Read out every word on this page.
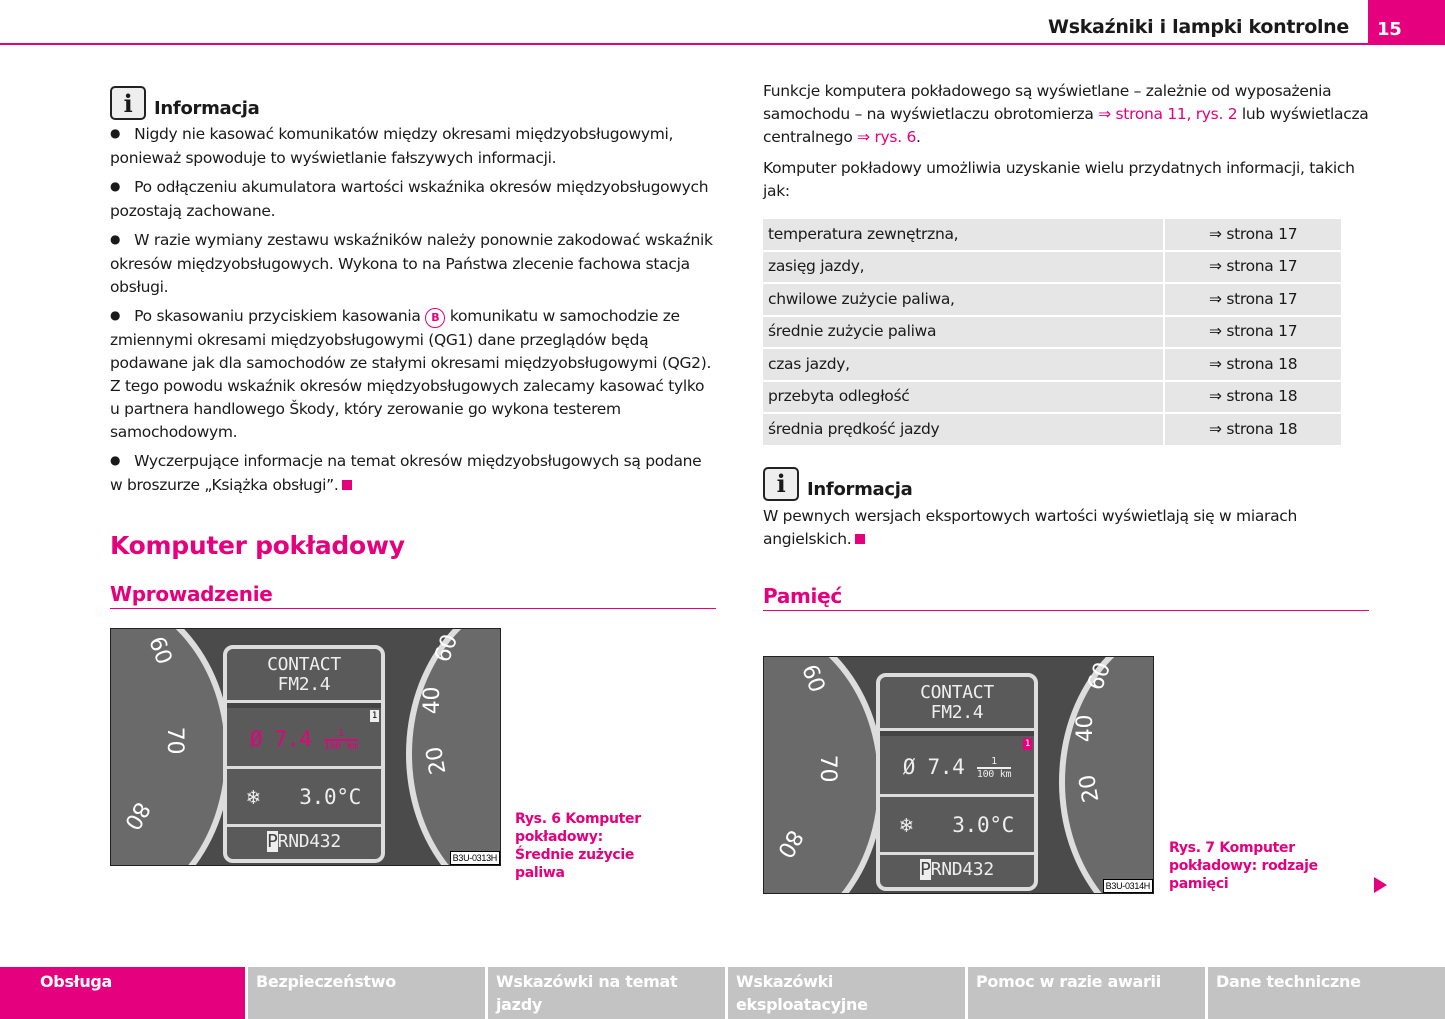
Wskaźniki i lampki kontrolne	15
i	Informacja

● Nigdy nie kasować komunikatów między okresami międzyobsługowymi, ponieważ spowoduje to wyświetlanie fałszywych informacji.

● Po odłączeniu akumulatora wartości wskaźnika okresów międzyobsługowych pozostają zachowane.

● W razie wymiany zestawu wskaźników należy ponownie zakodować wskaźnik okresów międzyobsługowych. Wykona to na Państwa zlecenie fachowa stacja obsługi.

● Po skasowaniu przyciskiem kasowania B komunikatu w samochodzie ze zmiennymi okresami międzyobsługowymi (QG1) dane przeglądów będą podawane jak dla samochodów ze stałymi okresami międzyobsługowymi (QG2). Z tego powodu wskaźnik okresów międzyobsługowych zalecamy kasować tylko u partnera handlowego Škody, który zerowanie go wykona testerem samochodowym.

● Wyczerpujące informacje na temat okresów międzyobsługowych są podane w broszurze „Książka obsługi”.

Komputer pokładowy
Wprowadzenie
60
70
80
60
40
20
CONTACT
FM2.4
Ø $7.4 \frac{1}{100 km}$
1
❄ 3.0°C
PRND432
B3U-0313H
Rys. 6 Komputer pokładowy: Średnie zużycie paliwa

Funkcje komputera pokładowego są wyświetlane – zależnie od wyposażenia samochodu – na wyświetlaczu obrotomierza ⇒ strona 11, rys. 2 lub wyświetlacza centralnego ⇒ rys. 6.

Komputer pokładowy umożliwia uzyskanie wielu przydatnych informacji, takich jak:

temperatura zewnętrzna,	⇒ strona 17
zasięg jazdy,	⇒ strona 17
chwilowe zużycie paliwa,	⇒ strona 17
średnie zużycie paliwa	⇒ strona 17
czas jazdy,	⇒ strona 18
przebyta odległość	⇒ strona 18
średnia prędkość jazdy	⇒ strona 18
i	Informacja

W pewnych wersjach eksportowych wartości wyświetlają się w miarach angielskich.

Pamięć
60
70
80
60
40
20
CONTACT
FM2.4
Ø $7.4 \frac{1}{100 km}$
1
❄ 3.0°C
PRND432
B3U-0314H
Rys. 7 Komputer pokładowy: rodzaje pamięci
Obsługa	Bezpieczeństwo	Wskazówki na temat jazdy
Wskazówki eksploatacyjne
Pomoc w razie awarii	Dane techniczne
